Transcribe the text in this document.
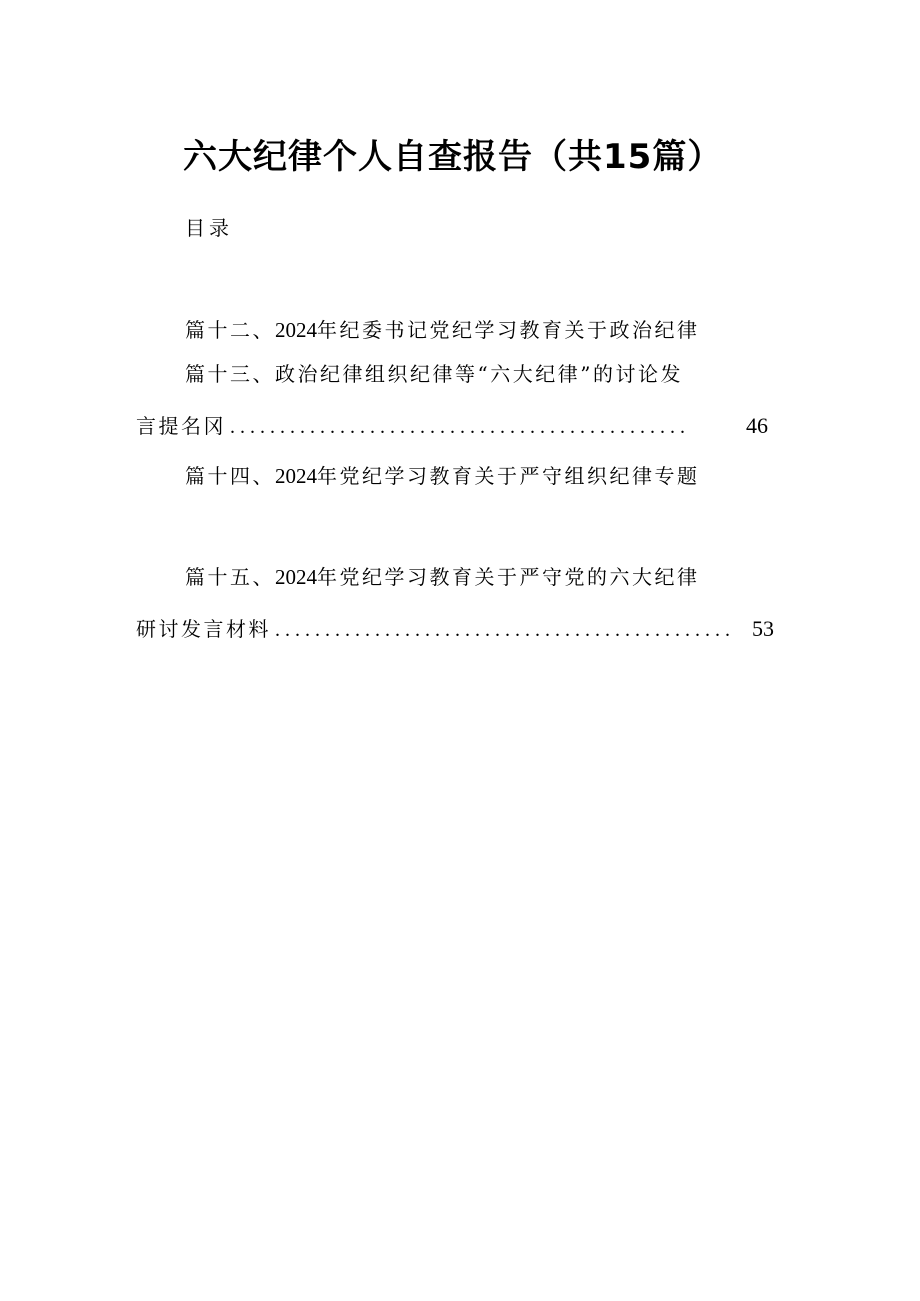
六大纪律个人自查报告（共15篇）
目录
篇十二、2024年纪委书记党纪学习教育关于政治纪律
篇十三、政治纪律组织纪律等“六大纪律”的讨论发
言提名冈 ..............................................	46
篇十四、2024年党纪学习教育关于严守组织纪律专题
篇十五、2024年党纪学习教育关于严守党的六大纪律
研讨发言材料 .............................................. 53
